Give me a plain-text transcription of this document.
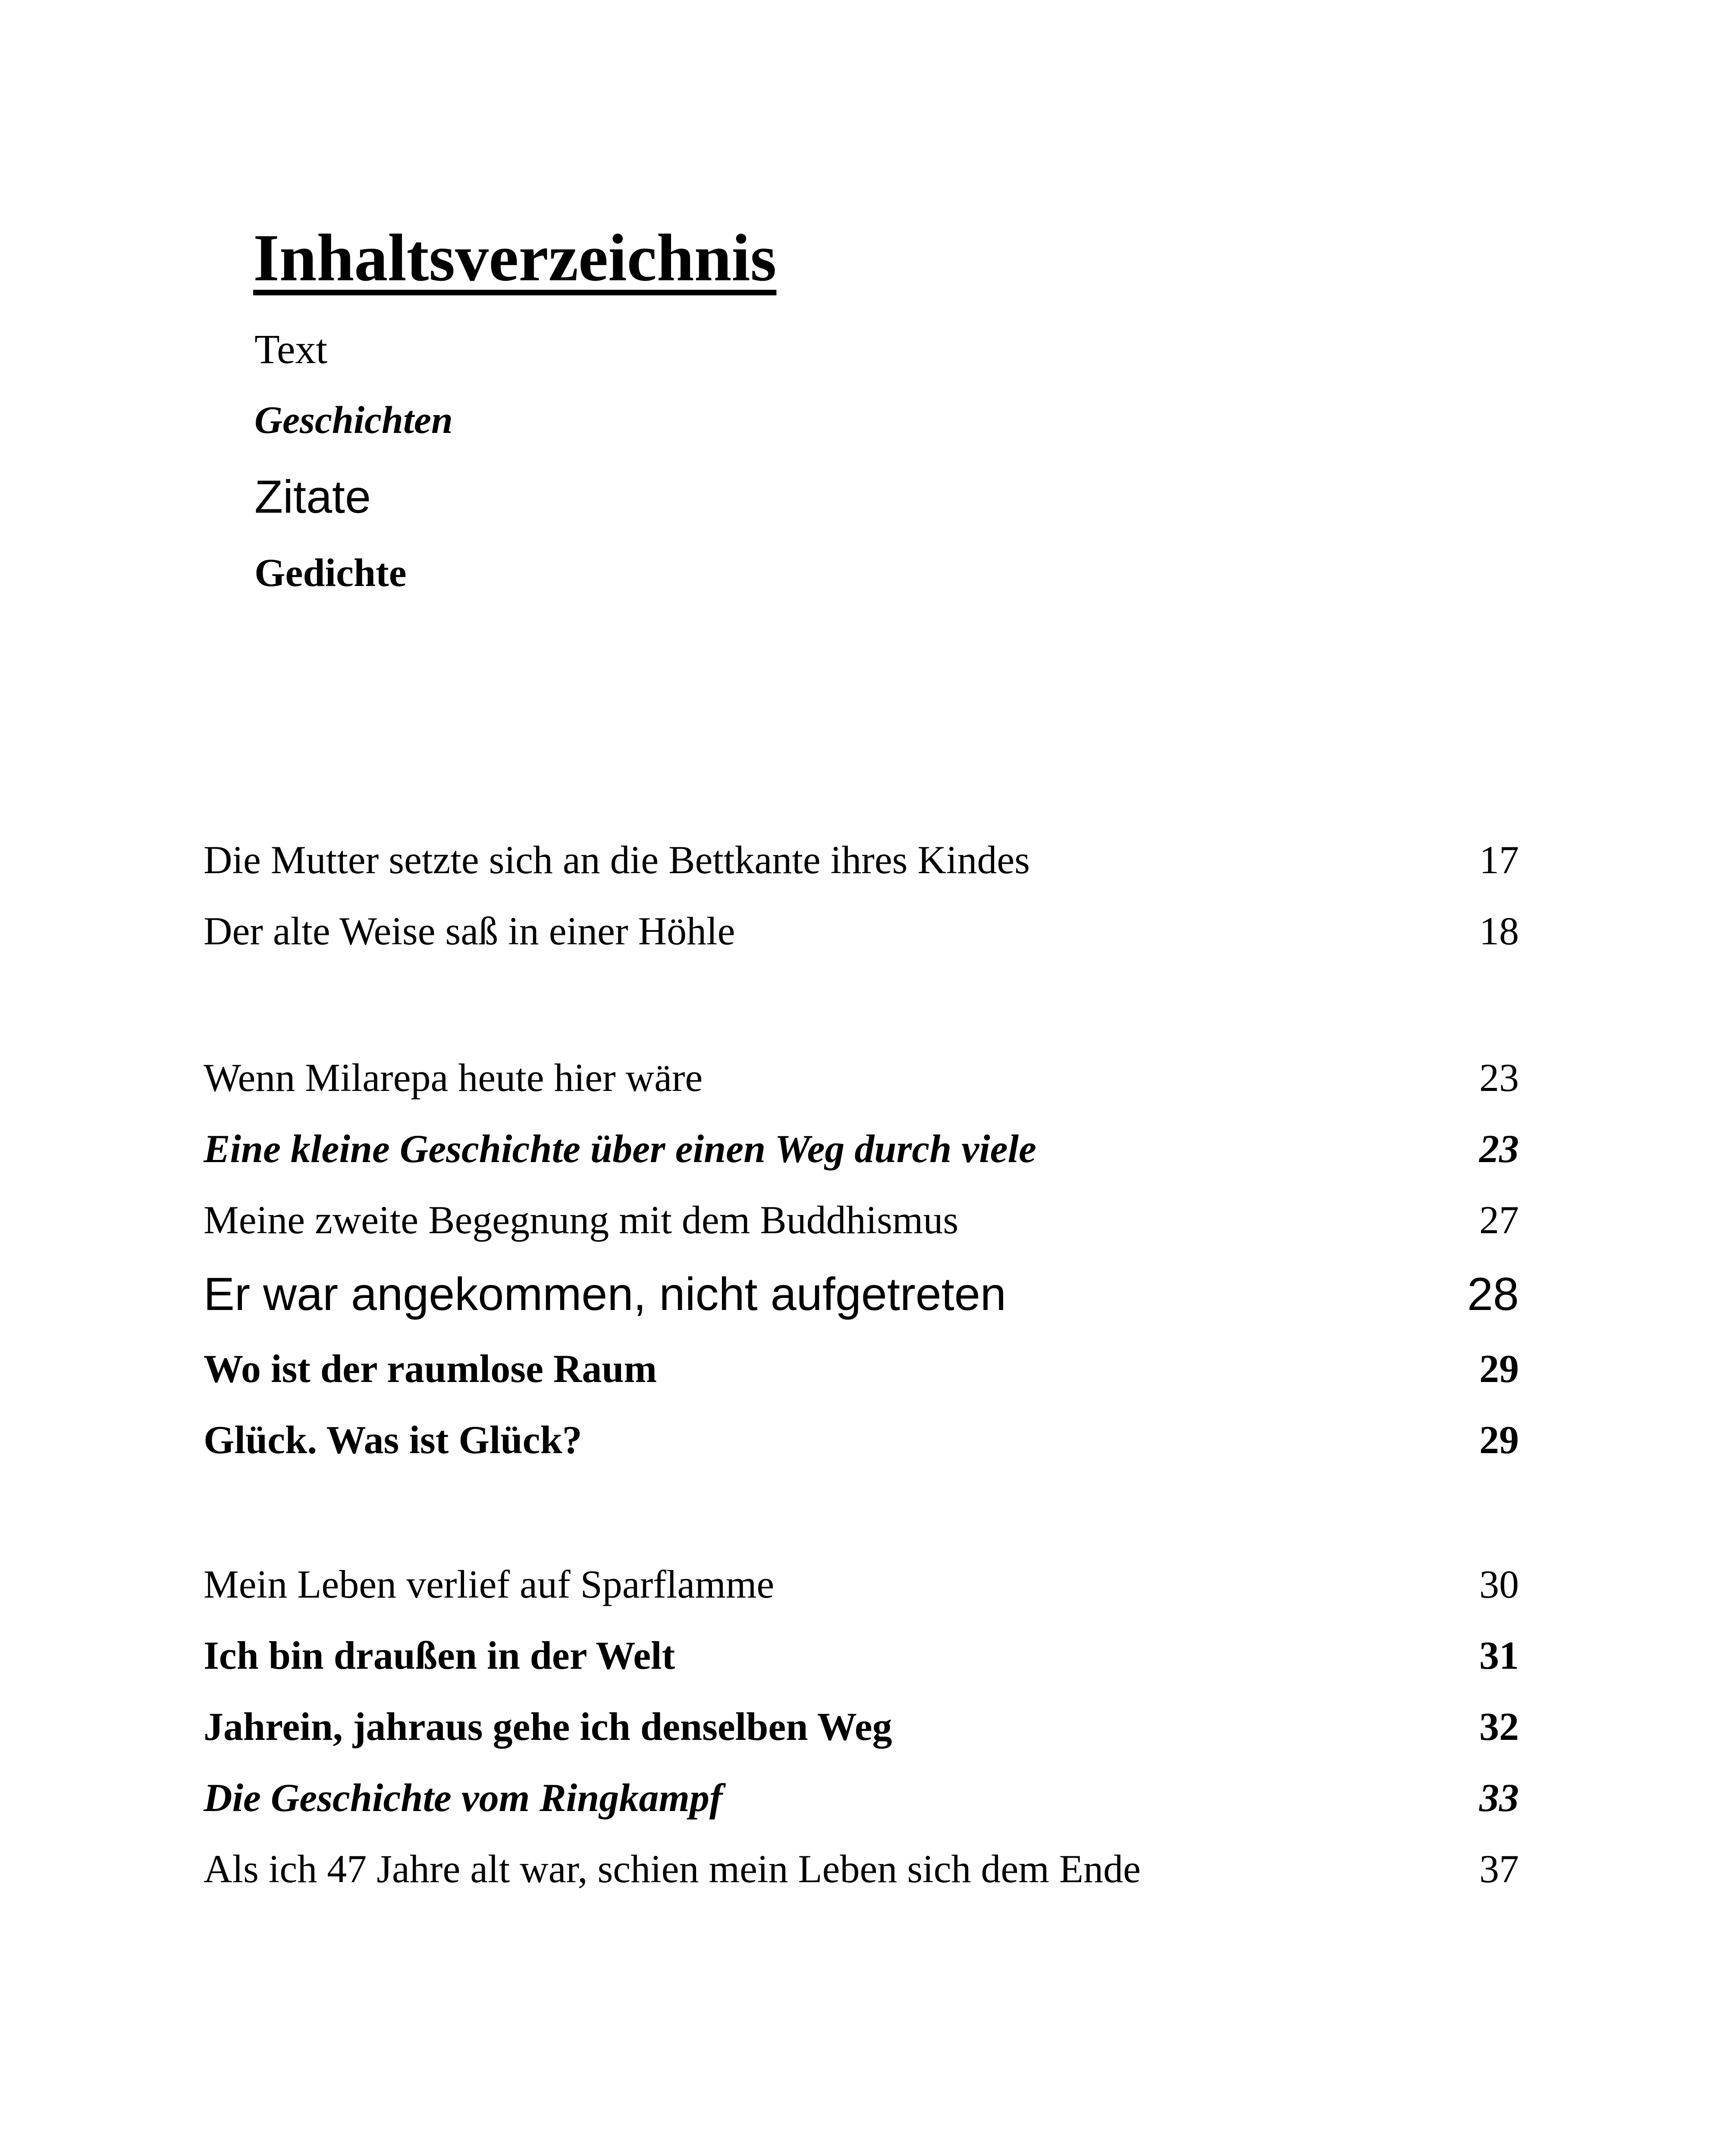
Inhaltsverzeichnis
Text
Geschichten
Zitate
Gedichte
Die Mutter setzte sich an die Bettkante ihres Kindes	17
Der alte Weise saß in einer Höhle	18
Wenn Milarepa heute hier wäre	23
Eine kleine Geschichte über einen Weg durch viele	23
Meine zweite Begegnung mit dem Buddhismus	27
Er war angekommen, nicht aufgetreten	28
Wo ist der raumlose Raum	29
Glück. Was ist Glück?	29
Mein Leben verlief auf Sparflamme	30
Ich bin draußen in der Welt	31
Jahrein, jahraus gehe ich denselben Weg	32
Die Geschichte vom Ringkampf	33
Als ich 47 Jahre alt war, schien mein Leben sich dem Ende	37
